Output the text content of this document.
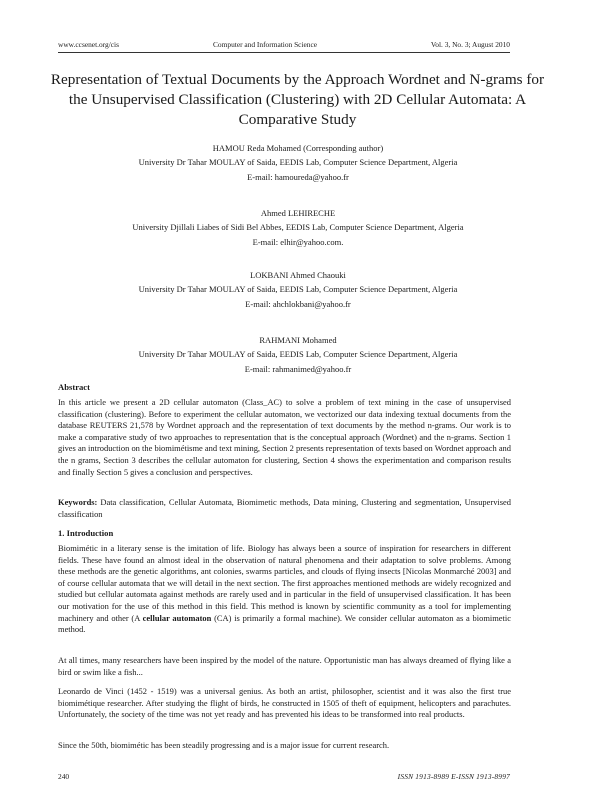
www.ccsenet.org/cis	Computer and Information Science	Vol. 3, No. 3; August 2010
Representation of Textual Documents by the Approach Wordnet and N-grams for the Unsupervised Classification (Clustering) with 2D Cellular Automata: A Comparative Study
HAMOU Reda Mohamed (Corresponding author)
University Dr Tahar MOULAY of Saida, EEDIS Lab, Computer Science Department, Algeria
E-mail: hamoureda@yahoo.fr
Ahmed LEHIRECHE
University Djillali Liabes of Sidi Bel Abbes, EEDIS Lab, Computer Science Department, Algeria
E-mail: elhir@yahoo.com.
LOKBANI Ahmed Chaouki
University Dr Tahar MOULAY of Saida, EEDIS Lab, Computer Science Department, Algeria
E-mail: ahchlokbani@yahoo.fr
RAHMANI Mohamed
University Dr Tahar MOULAY of Saida, EEDIS Lab, Computer Science Department, Algeria
E-mail: rahmanimed@yahoo.fr
Abstract

In this article we present a 2D cellular automaton (Class_AC) to solve a problem of text mining in the case of unsupervised classification (clustering). Before to experiment the cellular automaton, we vectorized our data indexing textual documents from the database REUTERS 21,578 by Wordnet approach and the representation of text documents by the method n-grams. Our work is to make a comparative study of two approaches to representation that is the conceptual approach (Wordnet) and the n-grams. Section 1 gives an introduction on the biomimétisme and text mining, Section 2 presents representation of texts based on Wordnet approach and the n grams, Section 3 describes the cellular automaton for clustering, Section 4 shows the experimentation and comparison results and finally Section 5 gives a conclusion and perspectives.

Keywords: Data classification, Cellular Automata, Biomimetic methods, Data mining, Clustering and segmentation, Unsupervised classification

1. Introduction

Biomimétic in a literary sense is the imitation of life. Biology has always been a source of inspiration for researchers in different fields. These have found an almost ideal in the observation of natural phenomena and their adaptation to solve problems. Among these methods are the genetic algorithms, ant colonies, swarms particles, and clouds of flying insects [Nicolas Monmarché 2003] and of course cellular automata that we will detail in the next section. The first approaches mentioned methods are widely recognized and studied but cellular automata against methods are rarely used and in particular in the field of unsupervised classification. It has been our motivation for the use of this method in this field. This method is known by scientific community as a tool for implementing machinery and other (A cellular automaton (CA) is primarily a formal machine). We consider cellular automaton as a biomimetic method.

At all times, many researchers have been inspired by the model of the nature. Opportunistic man has always dreamed of flying like a bird or swim like a fish...

Leonardo de Vinci (1452 - 1519) was a universal genius. As both an artist, philosopher, scientist and it was also the first true biomimétique researcher. After studying the flight of birds, he constructed in 1505 of theft of equipment, helicopters and parachutes. Unfortunately, the society of the time was not yet ready and has prevented his ideas to be transformed into real products.

Since the 50th, biomimétic has been steadily progressing and is a major issue for current research.

240	ISSN 1913-8989 E-ISSN 1913-8997
